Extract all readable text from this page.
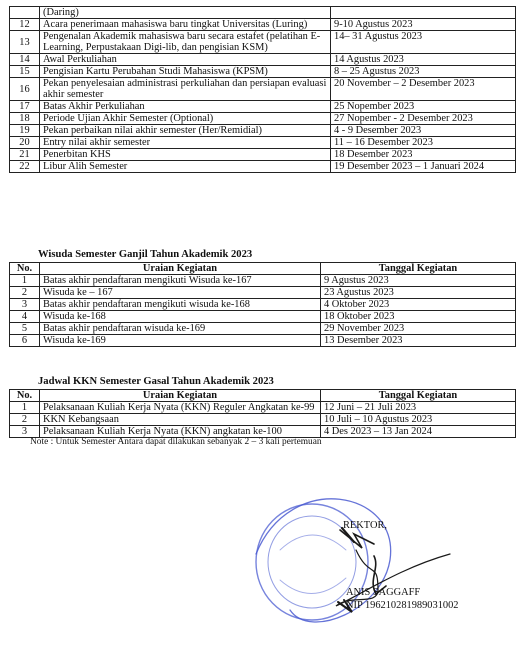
	(Daring)	
12	Acara penerimaan mahasiswa baru tingkat Universitas (Luring)	9-10 Agustus 2023
13	Pengenalan Akademik mahasiswa baru secara estafet (pelatihan E-Learning, Perpustakaan Digi-lib, dan pengisian KSM)	14– 31 Agustus 2023
14	Awal Perkuliahan	14 Agustus 2023
15	Pengisian Kartu Perubahan Studi Mahasiswa (KPSM)	8 – 25 Agustus 2023
16	Pekan penyelesaian administrasi perkuliahan dan persiapan evaluasi akhir semester	20 November – 2 Desember 2023
17	Batas Akhir Perkuliahan	25 Nopember 2023
18	Periode Ujian Akhir Semester (Optional)	27 Nopember - 2 Desember 2023
19	Pekan perbaikan nilai akhir semester (Her/Remidial)	4 - 9 Desember 2023
20	Entry nilai akhir semester	11 – 16 Desember 2023
21	Penerbitan KHS	18 Desember 2023
22	Libur Alih Semester	19 Desember 2023 – 1 Januari 2024
Wisuda Semester Ganjil Tahun Akademik 2023
No.	Uraian Kegiatan	Tanggal Kegiatan
1	Batas akhir pendaftaran mengikuti Wisuda ke-167	9 Agustus 2023
2	Wisuda ke – 167	23 Agustus 2023
3	Batas akhir pendaftaran mengikuti wisuda ke-168	4 Oktober 2023
4	Wisuda ke-168	18 Oktober 2023
5	Batas akhir pendaftaran wisuda ke-169	29 November 2023
6	Wisuda ke-169	13 Desember 2023
Jadwal KKN Semester Gasal Tahun Akademik 2023
No.	Uraian Kegiatan	Tanggal Kegiatan
1	Pelaksanaan Kuliah Kerja Nyata (KKN) Reguler Angkatan ke-99	12 Juni – 21 Juli 2023
2	KKN Kebangsaan	10 Juli – 10 Agustus 2023
3	Pelaksanaan Kuliah Kerja Nyata (KKN) angkatan ke-100	4 Des 2023 – 13 Jan 2024
Note : Untuk Semester Antara dapat dilakukan sebanyak 2 – 3 kali pertemuan
REKTOR,
ANIS SAGGAFF
NIP 196210281989031002
